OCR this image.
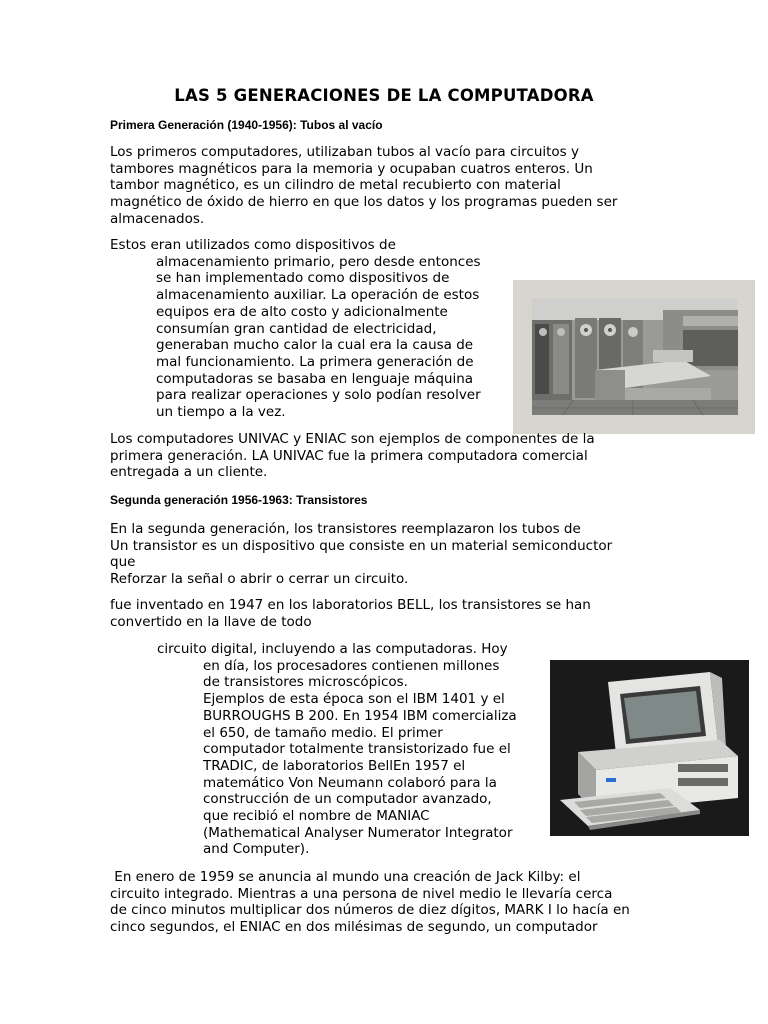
LAS 5 GENERACIONES DE LA COMPUTADORA
Primera Generación (1940-1956): Tubos al vacío
Los primeros computadores, utilizaban tubos al vacío para circuitos y
tambores magnéticos para la memoria y ocupaban cuatros enteros. Un
tambor magnético, es un cilindro de metal recubierto con material
magnético de óxido de hierro en que los datos y los programas pueden ser
almacenados.
Estos eran utilizados como dispositivos de
almacenamiento primario, pero desde entonces
se han implementado como dispositivos de
almacenamiento auxiliar. La operación de estos
equipos era de alto costo y adicionalmente
consumían gran cantidad de electricidad,
generaban mucho calor la cual era la causa de
mal funcionamiento. La primera generación de
computadoras se basaba en lenguaje máquina
para realizar operaciones y solo podían resolver
un tiempo a la vez.
Los computadores UNIVAC y ENIAC son ejemplos de componentes de la
primera generación. LA UNIVAC fue la primera computadora comercial
entregada a un cliente.
Segunda generación 1956-1963: Transistores
En la segunda generación, los transistores reemplazaron los tubos de
Un transistor es un dispositivo que consiste en un material semiconductor
que
Reforzar la señal o abrir o cerrar un circuito.
fue inventado en 1947 en los laboratorios BELL, los transistores se han
convertido en la llave de todo
circuito digital, incluyendo a las computadoras. Hoy
en día, los procesadores contienen millones
de transistores microscópicos.
Ejemplos de esta época son el IBM 1401 y el
BURROUGHS B 200. En 1954 IBM comercializa
el 650, de tamaño medio. El primer
computador totalmente transistorizado fue el
TRADIC, de laboratorios BellEn 1957 el
matemático Von Neumann colaboró para la
construcción de un computador avanzado,
que recibió el nombre de MANIAC
(Mathematical Analyser Numerator Integrator
and Computer).
En enero de 1959 se anuncia al mundo una creación de Jack Kilby: el
circuito integrado. Mientras a una persona de nivel medio le llevaría cerca
de cinco minutos multiplicar dos números de diez dígitos, MARK I lo hacía en
cinco segundos, el ENIAC en dos milésimas de segundo, un computador
